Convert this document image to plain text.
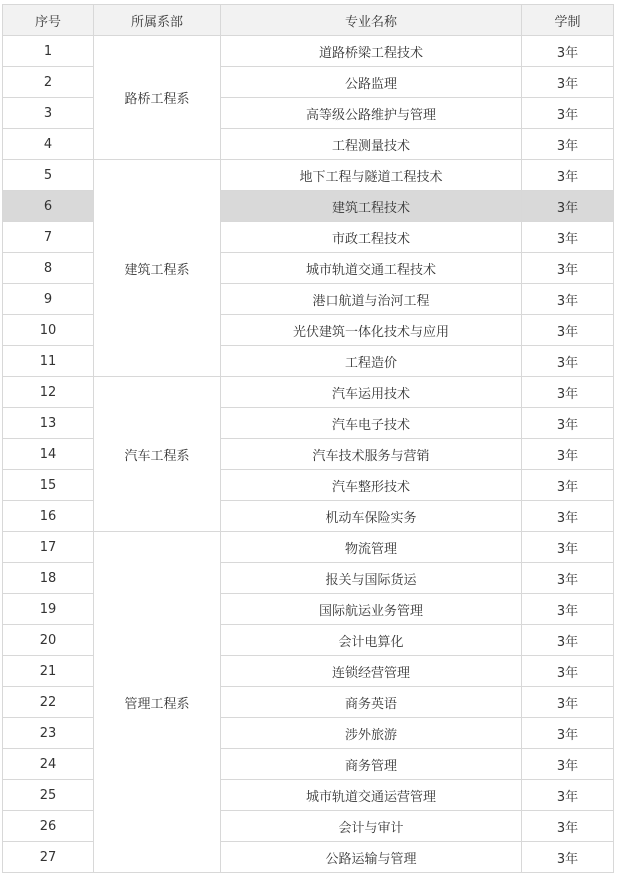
序号	所属系部	专业名称	学制
1	路桥工程系	道路桥梁工程技术	3年
2		公路监理	3年
3		高等级公路维护与管理	3年
4		工程测量技术	3年
5	建筑工程系	地下工程与隧道工程技术	3年
6		建筑工程技术	3年
7		市政工程技术	3年
8		城市轨道交通工程技术	3年
9		港口航道与治河工程	3年
10		光伏建筑一体化技术与应用	3年
11		工程造价	3年
12	汽车工程系	汽车运用技术	3年
13		汽车电子技术	3年
14		汽车技术服务与营销	3年
15		汽车整形技术	3年
16		机动车保险实务	3年
17	管理工程系	物流管理	3年
18		报关与国际货运	3年
19		国际航运业务管理	3年
20		会计电算化	3年
21		连锁经营管理	3年
22		商务英语	3年
23		涉外旅游	3年
24		商务管理	3年
25		城市轨道交通运营管理	3年
26		会计与审计	3年
27		公路运输与管理	3年
